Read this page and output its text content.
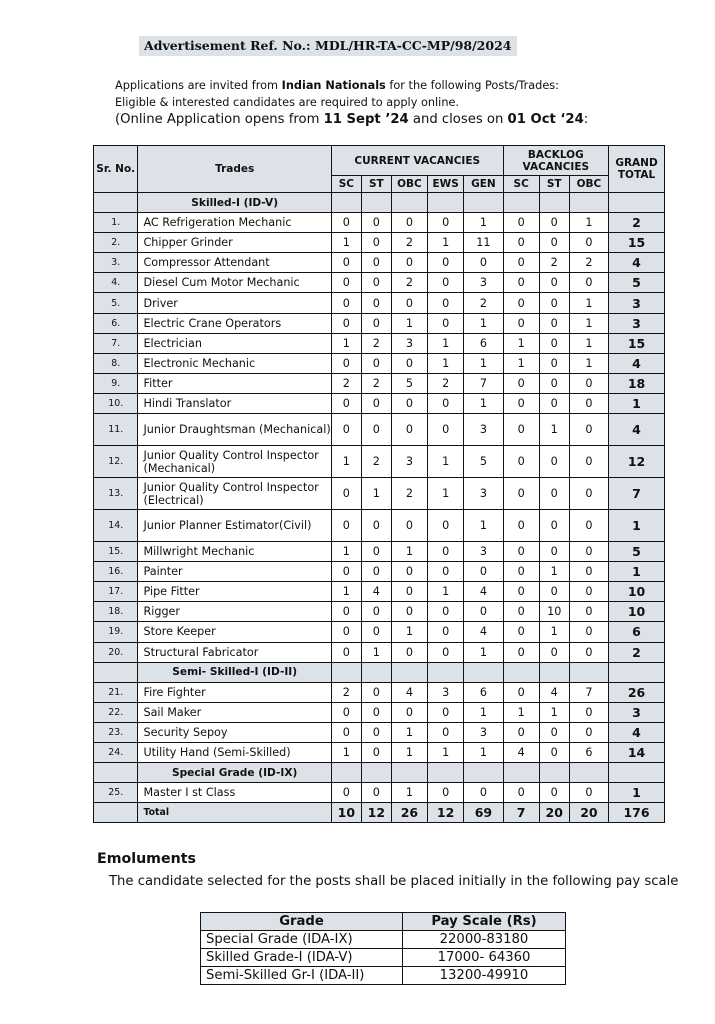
Advertisement Ref. No.: MDL/HR-TA-CC-MP/98/2024
Applications are invited from Indian Nationals for the following Posts/Trades:
Eligible & interested candidates are required to apply online.
(Online Application opens from 11 Sept ’24 and closes on 01 Oct ‘24:
Sr. No.	Trades	CURRENT VACANCIES					BACKLOG VACANCIES			GRAND TOTAL
		SC	ST	OBC	EWS	GEN	SC	ST	OBC	
	Skilled-I (ID-V)									
1.	AC Refrigeration Mechanic	0	0	0	0	1	0	0	1	2
2.	Chipper Grinder	1	0	2	1	11	0	0	0	15
3.	Compressor Attendant	0	0	0	0	0	0	2	2	4
4.	Diesel Cum Motor Mechanic	0	0	2	0	3	0	0	0	5
5.	Driver	0	0	0	0	2	0	0	1	3
6.	Electric Crane Operators	0	0	1	0	1	0	0	1	3
7.	Electrician	1	2	3	1	6	1	0	1	15
8.	Electronic Mechanic	0	0	0	1	1	1	0	1	4
9.	Fitter	2	2	5	2	7	0	0	0	18
10.	Hindi Translator	0	0	0	0	1	0	0	0	1
11.	Junior Draughtsman (Mechanical)	0	0	0	0	3	0	1	0	4
12.	Junior Quality Control Inspector (Mechanical)	1	2	3	1	5	0	0	0	12
13.	Junior Quality Control Inspector (Electrical)	0	1	2	1	3	0	0	0	7
14.	Junior Planner Estimator(Civil)	0	0	0	0	1	0	0	0	1
15.	Millwright Mechanic	1	0	1	0	3	0	0	0	5
16.	Painter	0	0	0	0	0	0	1	0	1
17.	Pipe Fitter	1	4	0	1	4	0	0	0	10
18.	Rigger	0	0	0	0	0	0	10	0	10
19.	Store Keeper	0	0	1	0	4	0	1	0	6
20.	Structural Fabricator	0	1	0	0	1	0	0	0	2
	Semi- Skilled-I (ID-II)									
21.	Fire Fighter	2	0	4	3	6	0	4	7	26
22.	Sail Maker	0	0	0	0	1	1	1	0	3
23.	Security Sepoy	0	0	1	0	3	0	0	0	4
24.	Utility Hand (Semi-Skilled)	1	0	1	1	1	4	0	6	14
	Special Grade (ID-IX)									
25.	Master I st Class	0	0	1	0	0	0	0	0	1
	Total	10	12	26	12	69	7	20	20	176
Emoluments
The candidate selected for the posts shall be placed initially in the following pay scale
Grade	Pay Scale (Rs)
Special Grade (IDA-IX)	22000-83180
Skilled Grade-I (IDA-V)	17000- 64360
Semi-Skilled Gr-I (IDA-II)	13200-49910
